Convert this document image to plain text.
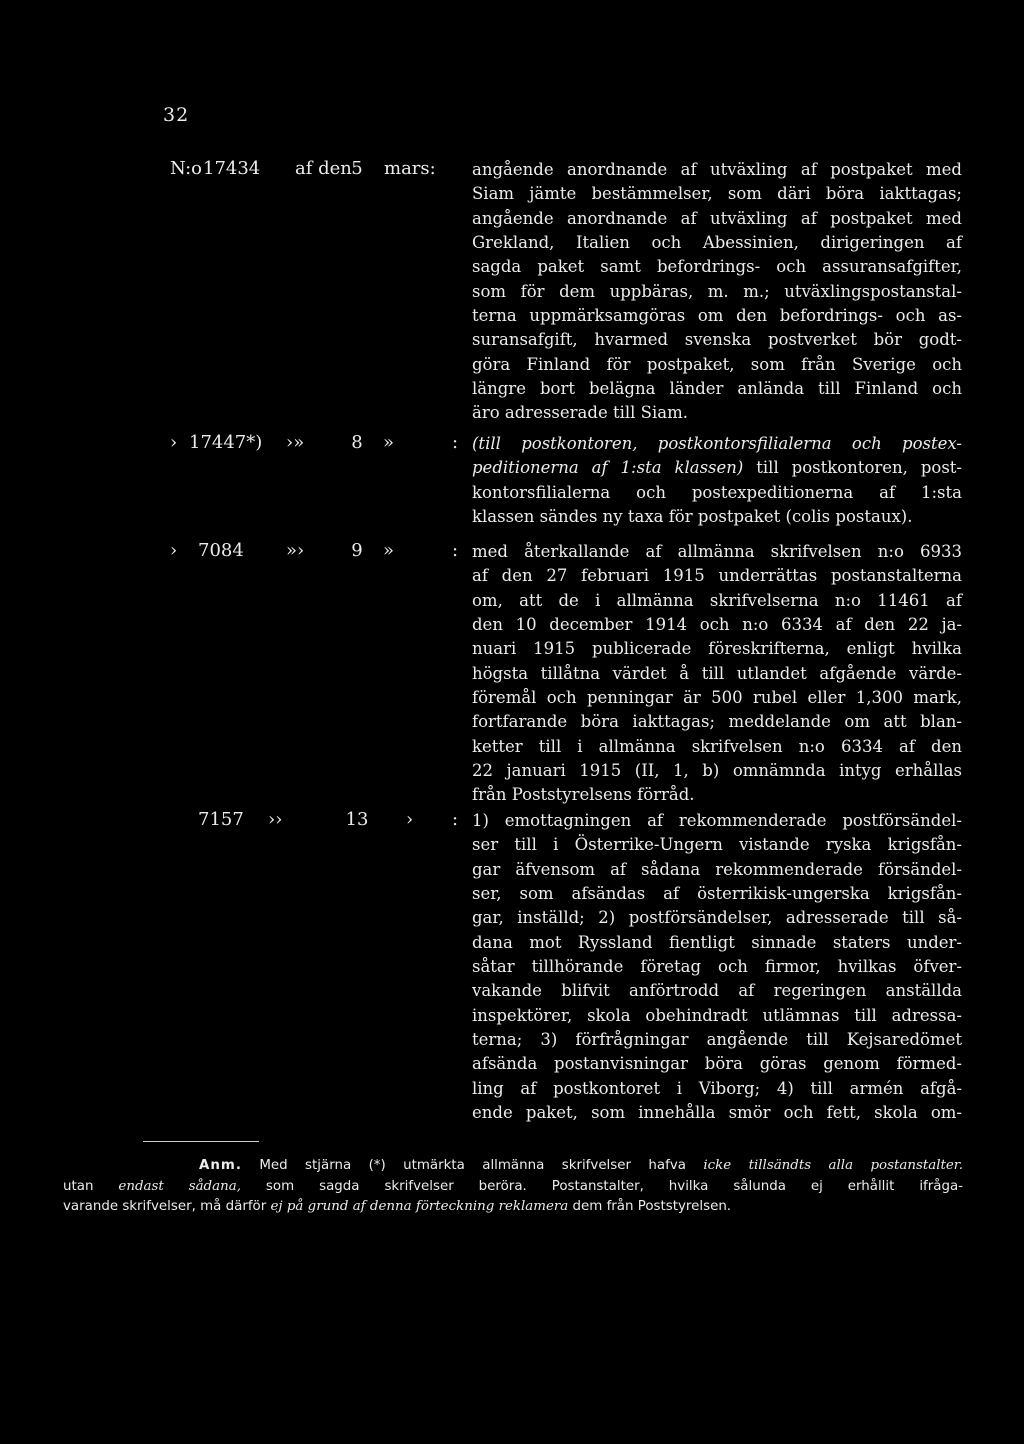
32
N:o 17434 af den 5	mars: angående anordnande af utväxling af postpaket med
Siam jämte bestämmelser, som däri böra iakttagas;
angående anordnande af utväxling af postpaket med
Grekland, Italien och Abessinien, dirigeringen af
sagda paket samt befordrings- och assuransafgifter,
som för dem uppbäras, m. m.; utväxlingspostanstal-
terna uppmärksamgöras om den befordrings- och as-
suransafgift, hvarmed svenska postverket bör godt-
göra Finland för postpaket, som från Sverige och
längre bort belägna länder anlända till Finland och
äro adresserade till Siam.
› 17447*) ›»	8	»	: (till postkontoren, postkontorsfilialerna och postex-
peditionerna af 1:sta klassen) till postkontoren, post-
kontorsfilialerna och postexpeditionerna af 1:sta
klassen sändes ny taxa för postpaket (colis postaux).
› 7084 »›	9	»	: med återkallande af allmänna skrifvelsen n:o 6933
af den 27 februari 1915 underrättas postanstalterna
om, att de i allmänna skrifvelserna n:o 11461 af
den 10 december 1914 och n:o 6334 af den 22 ja-
nuari 1915 publicerade föreskrifterna, enligt hvilka
högsta tillåtna värdet å till utlandet afgående värde-
föremål och penningar är 500 rubel eller 1,300 mark,
fortfarande böra iakttagas; meddelande om att blan-
ketter till i allmänna skrifvelsen n:o 6334 af den
22 januari 1915 (II, 1, b) omnämnda intyg erhållas
från Poststyrelsens förråd.
7157 ››	13 › : 1) emottagningen af rekommenderade postförsändel-
ser till i Österrike-Ungern vistande ryska krigsfån-
gar äfvensom af sådana rekommenderade försändel-
ser, som afsändas af österrikisk-ungerska krigsfån-
gar, inställd; 2) postförsändelser, adresserade till så-
dana mot Ryssland fientligt sinnade staters under-
såtar tillhörande företag och firmor, hvilkas öfver-
vakande blifvit anförtrodd af regeringen anställda
inspektörer, skola obehindradt utlämnas till adressa-
terna; 3) förfrågningar angående till Kejsaredömet
afsända postanvisningar böra göras genom förmed-
ling af postkontoret i Viborg; 4) till armén afgå-
ende paket, som innehålla smör och fett, skola om-
Anm. Med stjärna (*) utmärkta allmänna skrifvelser hafva icke tillsändts alla postanstalter.
utan endast sådana, som sagda skrifvelser beröra. Postanstalter, hvilka sålunda ej erhållit ifråga-
varande skrifvelser, må därför ej på grund af denna förteckning reklamera dem från Poststyrelsen.
